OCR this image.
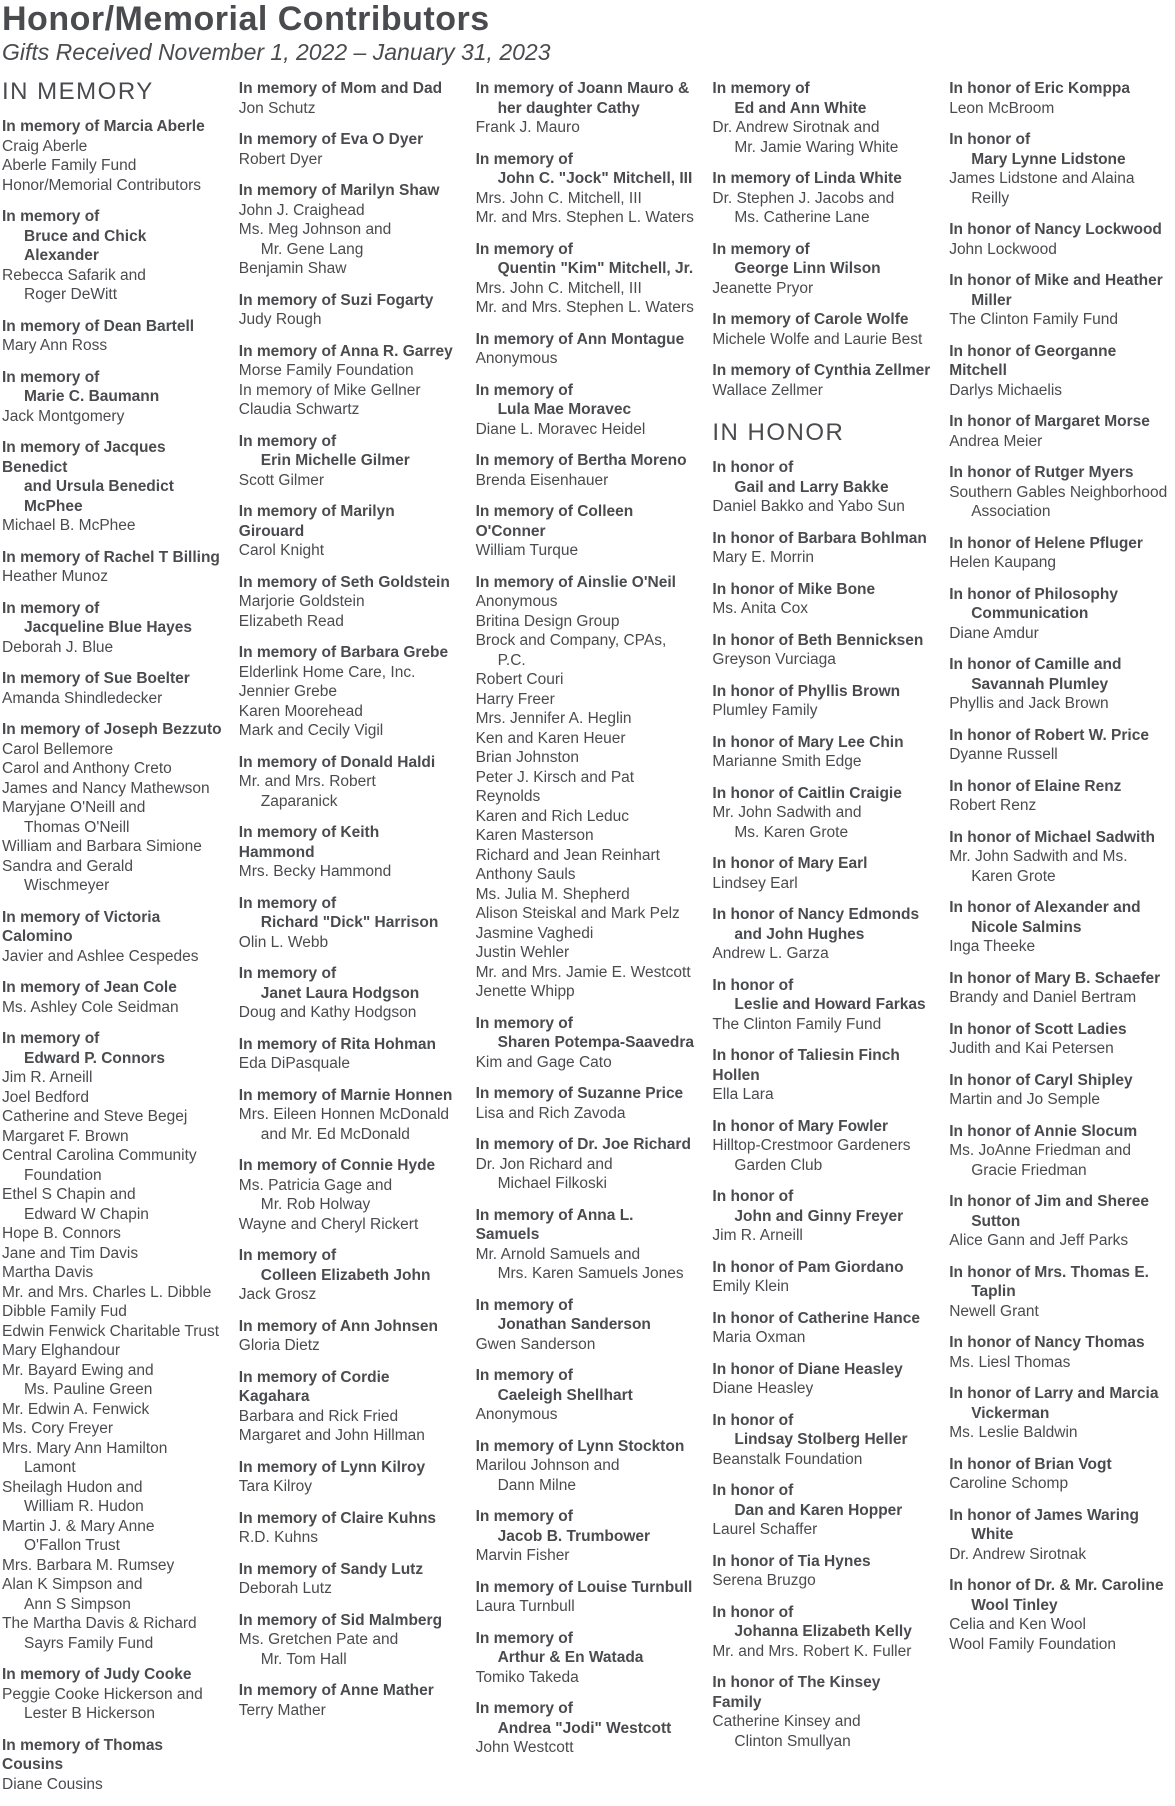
Honor/Memorial Contributors
Gifts Received November 1, 2022 – January 31, 2023
IN MEMORY
In memory of Marcia Aberle
Craig Aberle
Aberle Family Fund
Honor/Memorial Contributors
In memory of
Bruce and Chick Alexander
Rebecca Safarik and
Roger DeWitt
In memory of Dean Bartell
Mary Ann Ross
In memory of
Marie C. Baumann
Jack Montgomery
In memory of Jacques Benedict
and Ursula Benedict McPhee
Michael B. McPhee
In memory of Rachel T Billing
Heather Munoz
In memory of
Jacqueline Blue Hayes
Deborah J. Blue
In memory of Sue Boelter
Amanda Shindledecker
In memory of Joseph Bezzuto
Carol Bellemore
Carol and Anthony Creto
James and Nancy Mathewson
Maryjane O'Neill and
Thomas O'Neill
William and Barbara Simione
Sandra and Gerald
Wischmeyer
In memory of Victoria Calomino
Javier and Ashlee Cespedes
In memory of Jean Cole
Ms. Ashley Cole Seidman
In memory of
Edward P. Connors
Jim R. Arneill
Joel Bedford
Catherine and Steve Begej
Margaret F. Brown
Central Carolina Community
Foundation
Ethel S Chapin and
Edward W Chapin
Hope B. Connors
Jane and Tim Davis
Martha Davis
Mr. and Mrs. Charles L. Dibble
Dibble Family Fud
Edwin Fenwick Charitable Trust
Mary Elghandour
Mr. Bayard Ewing and
Ms. Pauline Green
Mr. Edwin A. Fenwick
Ms. Cory Freyer
Mrs. Mary Ann Hamilton
Lamont
Sheilagh Hudon and
William R. Hudon
Martin J. & Mary Anne
O'Fallon Trust
Mrs. Barbara M. Rumsey
Alan K Simpson and
Ann S Simpson
The Martha Davis & Richard
Sayrs Family Fund
In memory of Judy Cooke
Peggie Cooke Hickerson and
Lester B Hickerson
In memory of Thomas Cousins
Diane Cousins
In memory of Mom and Dad
Jon Schutz
In memory of Eva O Dyer
Robert Dyer
In memory of Marilyn Shaw
John J. Craighead
Ms. Meg Johnson and
Mr. Gene Lang
Benjamin Shaw
In memory of Suzi Fogarty
Judy Rough
In memory of Anna R. Garrey
Morse Family Foundation
In memory of Mike Gellner
Claudia Schwartz
In memory of
Erin Michelle Gilmer
Scott Gilmer
In memory of Marilyn Girouard
Carol Knight
In memory of Seth Goldstein
Marjorie Goldstein
Elizabeth Read
In memory of Barbara Grebe
Elderlink Home Care, Inc.
Jennier Grebe
Karen Moorehead
Mark and Cecily Vigil
In memory of Donald Haldi
Mr. and Mrs. Robert
Zaparanick
In memory of Keith Hammond
Mrs. Becky Hammond
In memory of
Richard "Dick" Harrison
Olin L. Webb
In memory of
Janet Laura Hodgson
Doug and Kathy Hodgson
In memory of Rita Hohman
Eda DiPasquale
In memory of Marnie Honnen
Mrs. Eileen Honnen McDonald
and Mr. Ed McDonald
In memory of Connie Hyde
Ms. Patricia Gage and
Mr. Rob Holway
Wayne and Cheryl Rickert
In memory of
Colleen Elizabeth John
Jack Grosz
In memory of Ann Johnsen
Gloria Dietz
In memory of Cordie Kagahara
Barbara and Rick Fried
Margaret and John Hillman
In memory of Lynn Kilroy
Tara Kilroy
In memory of Claire Kuhns
R.D. Kuhns
In memory of Sandy Lutz
Deborah Lutz
In memory of Sid Malmberg
Ms. Gretchen Pate and
Mr. Tom Hall
In memory of Anne Mather
Terry Mather
In memory of Joann Mauro &
her daughter Cathy
Frank J. Mauro
In memory of
John C. "Jock" Mitchell, III
Mrs. John C. Mitchell, III
Mr. and Mrs. Stephen L. Waters
In memory of
Quentin "Kim" Mitchell, Jr.
Mrs. John C. Mitchell, III
Mr. and Mrs. Stephen L. Waters
In memory of Ann Montague
Anonymous
In memory of
Lula Mae Moravec
Diane L. Moravec Heidel
In memory of Bertha Moreno
Brenda Eisenhauer
In memory of Colleen O'Conner
William Turque
In memory of Ainslie O'Neil
Anonymous
Britina Design Group
Brock and Company, CPAs,
P.C.
Robert Couri
Harry Freer
Mrs. Jennifer A. Heglin
Ken and Karen Heuer
Brian Johnston
Peter J. Kirsch and Pat Reynolds
Karen and Rich Leduc
Karen Masterson
Richard and Jean Reinhart
Anthony Sauls
Ms. Julia M. Shepherd
Alison Steiskal and Mark Pelz
Jasmine Vaghedi
Justin Wehler
Mr. and Mrs. Jamie E. Westcott
Jenette Whipp
In memory of
Sharen Potempa-Saavedra
Kim and Gage Cato
In memory of Suzanne Price
Lisa and Rich Zavoda
In memory of Dr. Joe Richard
Dr. Jon Richard and
Michael Filkoski
In memory of Anna L. Samuels
Mr. Arnold Samuels and
Mrs. Karen Samuels Jones
In memory of
Jonathan Sanderson
Gwen Sanderson
In memory of
Caeleigh Shellhart
Anonymous
In memory of Lynn Stockton
Marilou Johnson and
Dann Milne
In memory of
Jacob B. Trumbower
Marvin Fisher
In memory of Louise Turnbull
Laura Turnbull
In memory of
Arthur & En Watada
Tomiko Takeda
In memory of
Andrea "Jodi" Westcott
John Westcott
In memory of
Ed and Ann White
Dr. Andrew Sirotnak and
Mr. Jamie Waring White
In memory of Linda White
Dr. Stephen J. Jacobs and
Ms. Catherine Lane
In memory of
George Linn Wilson
Jeanette Pryor
In memory of Carole Wolfe
Michele Wolfe and Laurie Best
In memory of Cynthia Zellmer
Wallace Zellmer
IN HONOR
In honor of
Gail and Larry Bakke
Daniel Bakko and Yabo Sun
In honor of Barbara Bohlman
Mary E. Morrin
In honor of Mike Bone
Ms. Anita Cox
In honor of Beth Bennicksen
Greyson Vurciaga
In honor of Phyllis Brown
Plumley Family
In honor of Mary Lee Chin
Marianne Smith Edge
In honor of Caitlin Craigie
Mr. John Sadwith and
Ms. Karen Grote
In honor of Mary Earl
Lindsey Earl
In honor of Nancy Edmonds
and John Hughes
Andrew L. Garza
In honor of
Leslie and Howard Farkas
The Clinton Family Fund
In honor of Taliesin Finch Hollen
Ella Lara
In honor of Mary Fowler
Hilltop-Crestmoor Gardeners
Garden Club
In honor of
John and Ginny Freyer
Jim R. Arneill
In honor of Pam Giordano
Emily Klein
In honor of Catherine Hance
Maria Oxman
In honor of Diane Heasley
Diane Heasley
In honor of
Lindsay Stolberg Heller
Beanstalk Foundation
In honor of
Dan and Karen Hopper
Laurel Schaffer
In honor of Tia Hynes
Serena Bruzgo
In honor of
Johanna Elizabeth Kelly
Mr. and Mrs. Robert K. Fuller
In honor of The Kinsey Family
Catherine Kinsey and
Clinton Smullyan
In honor of Eric Komppa
Leon McBroom
In honor of
Mary Lynne Lidstone
James Lidstone and Alaina
Reilly
In honor of Nancy Lockwood
John Lockwood
In honor of Mike and Heather
Miller
The Clinton Family Fund
In honor of Georganne Mitchell
Darlys Michaelis
In honor of Margaret Morse
Andrea Meier
In honor of Rutger Myers
Southern Gables Neighborhood
Association
In honor of Helene Pfluger
Helen Kaupang
In honor of Philosophy
Communication
Diane Amdur
In honor of Camille and
Savannah Plumley
Phyllis and Jack Brown
In honor of Robert W. Price
Dyanne Russell
In honor of Elaine Renz
Robert Renz
In honor of Michael Sadwith
Mr. John Sadwith and Ms.
Karen Grote
In honor of Alexander and
Nicole Salmins
Inga Theeke
In honor of Mary B. Schaefer
Brandy and Daniel Bertram
In honor of Scott Ladies
Judith and Kai Petersen
In honor of Caryl Shipley
Martin and Jo Semple
In honor of Annie Slocum
Ms. JoAnne Friedman and
Gracie Friedman
In honor of Jim and Sheree
Sutton
Alice Gann and Jeff Parks
In honor of Mrs. Thomas E.
Taplin
Newell Grant
In honor of Nancy Thomas
Ms. Liesl Thomas
In honor of Larry and Marcia
Vickerman
Ms. Leslie Baldwin
In honor of Brian Vogt
Caroline Schomp
In honor of James Waring
White
Dr. Andrew Sirotnak
In honor of Dr. & Mr. Caroline
Wool Tinley
Celia and Ken Wool
Wool Family Foundation
